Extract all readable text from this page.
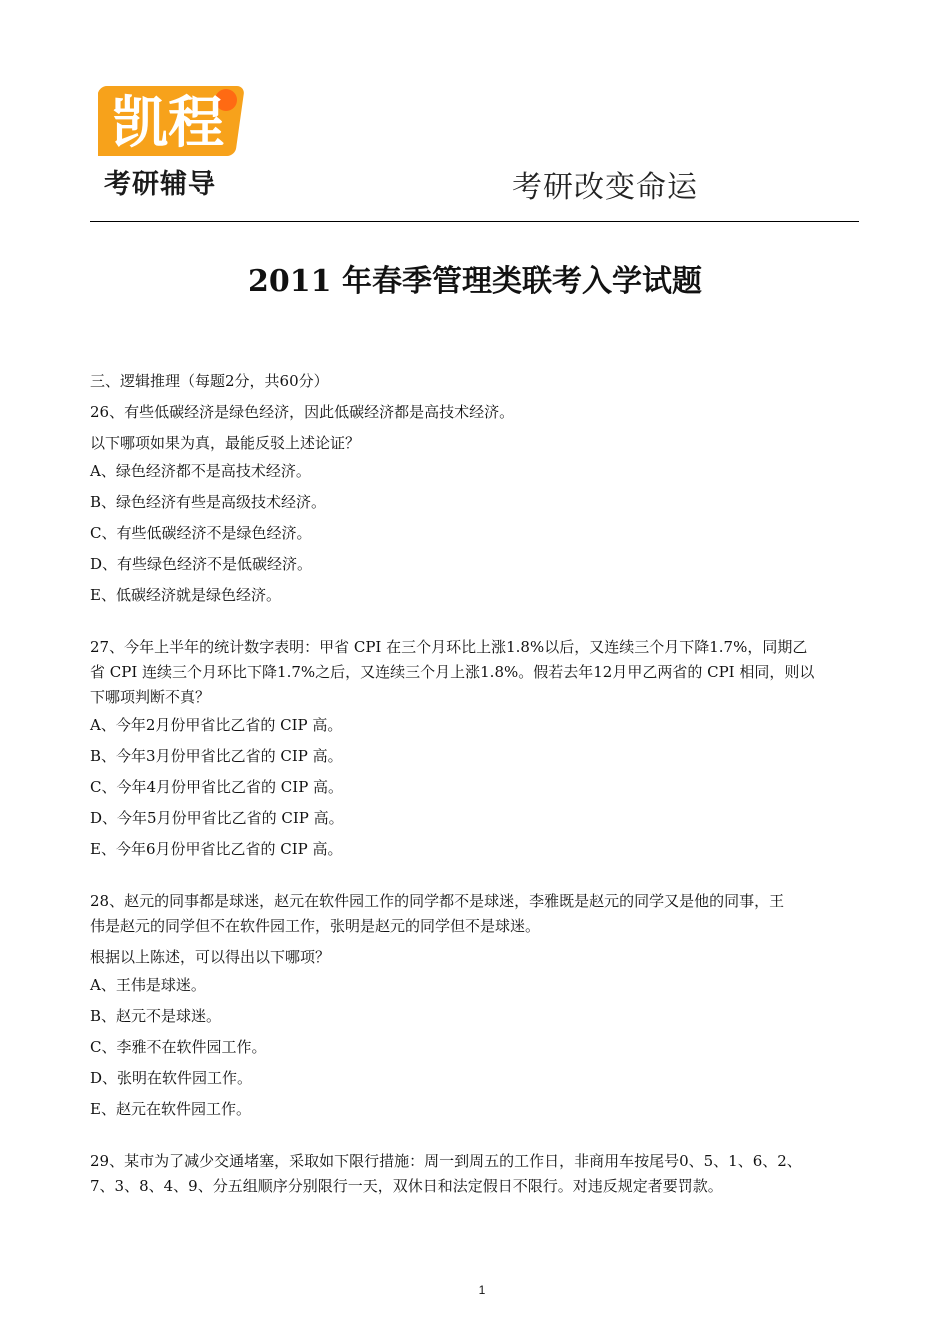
凯程
考研辅导	考研改变命运
2011 年春季管理类联考入学试题

三、逻辑推理（每题2分，共60分）

26、有些低碳经济是绿色经济，因此低碳经济都是高技术经济。

以下哪项如果为真，最能反驳上述论证？

A、绿色经济都不是高技术经济。

B、绿色经济有些是高级技术经济。

C、有些低碳经济不是绿色经济。

D、有些绿色经济不是低碳经济。

E、低碳经济就是绿色经济。

27、今年上半年的统计数字表明：甲省 CPI 在三个月环比上涨1.8%以后，又连续三个月下降1.7%，同期乙

省 CPI 连续三个月环比下降1.7%之后，又连续三个月上涨1.8%。假若去年12月甲乙两省的 CPI 相同，则以

下哪项判断不真？

A、今年2月份甲省比乙省的 CIP 高。

B、今年3月份甲省比乙省的 CIP 高。

C、今年4月份甲省比乙省的 CIP 高。

D、今年5月份甲省比乙省的 CIP 高。

E、今年6月份甲省比乙省的 CIP 高。

28、赵元的同事都是球迷，赵元在软件园工作的同学都不是球迷，李雅既是赵元的同学又是他的同事，王

伟是赵元的同学但不在软件园工作，张明是赵元的同学但不是球迷。

根据以上陈述，可以得出以下哪项？

A、王伟是球迷。

B、赵元不是球迷。

C、李雅不在软件园工作。

D、张明在软件园工作。

E、赵元在软件园工作。

29、某市为了减少交通堵塞，采取如下限行措施：周一到周五的工作日，非商用车按尾号0、5、1、6、2、

7、3、8、4、9、分五组顺序分别限行一天，双休日和法定假日不限行。对违反规定者要罚款。

1
